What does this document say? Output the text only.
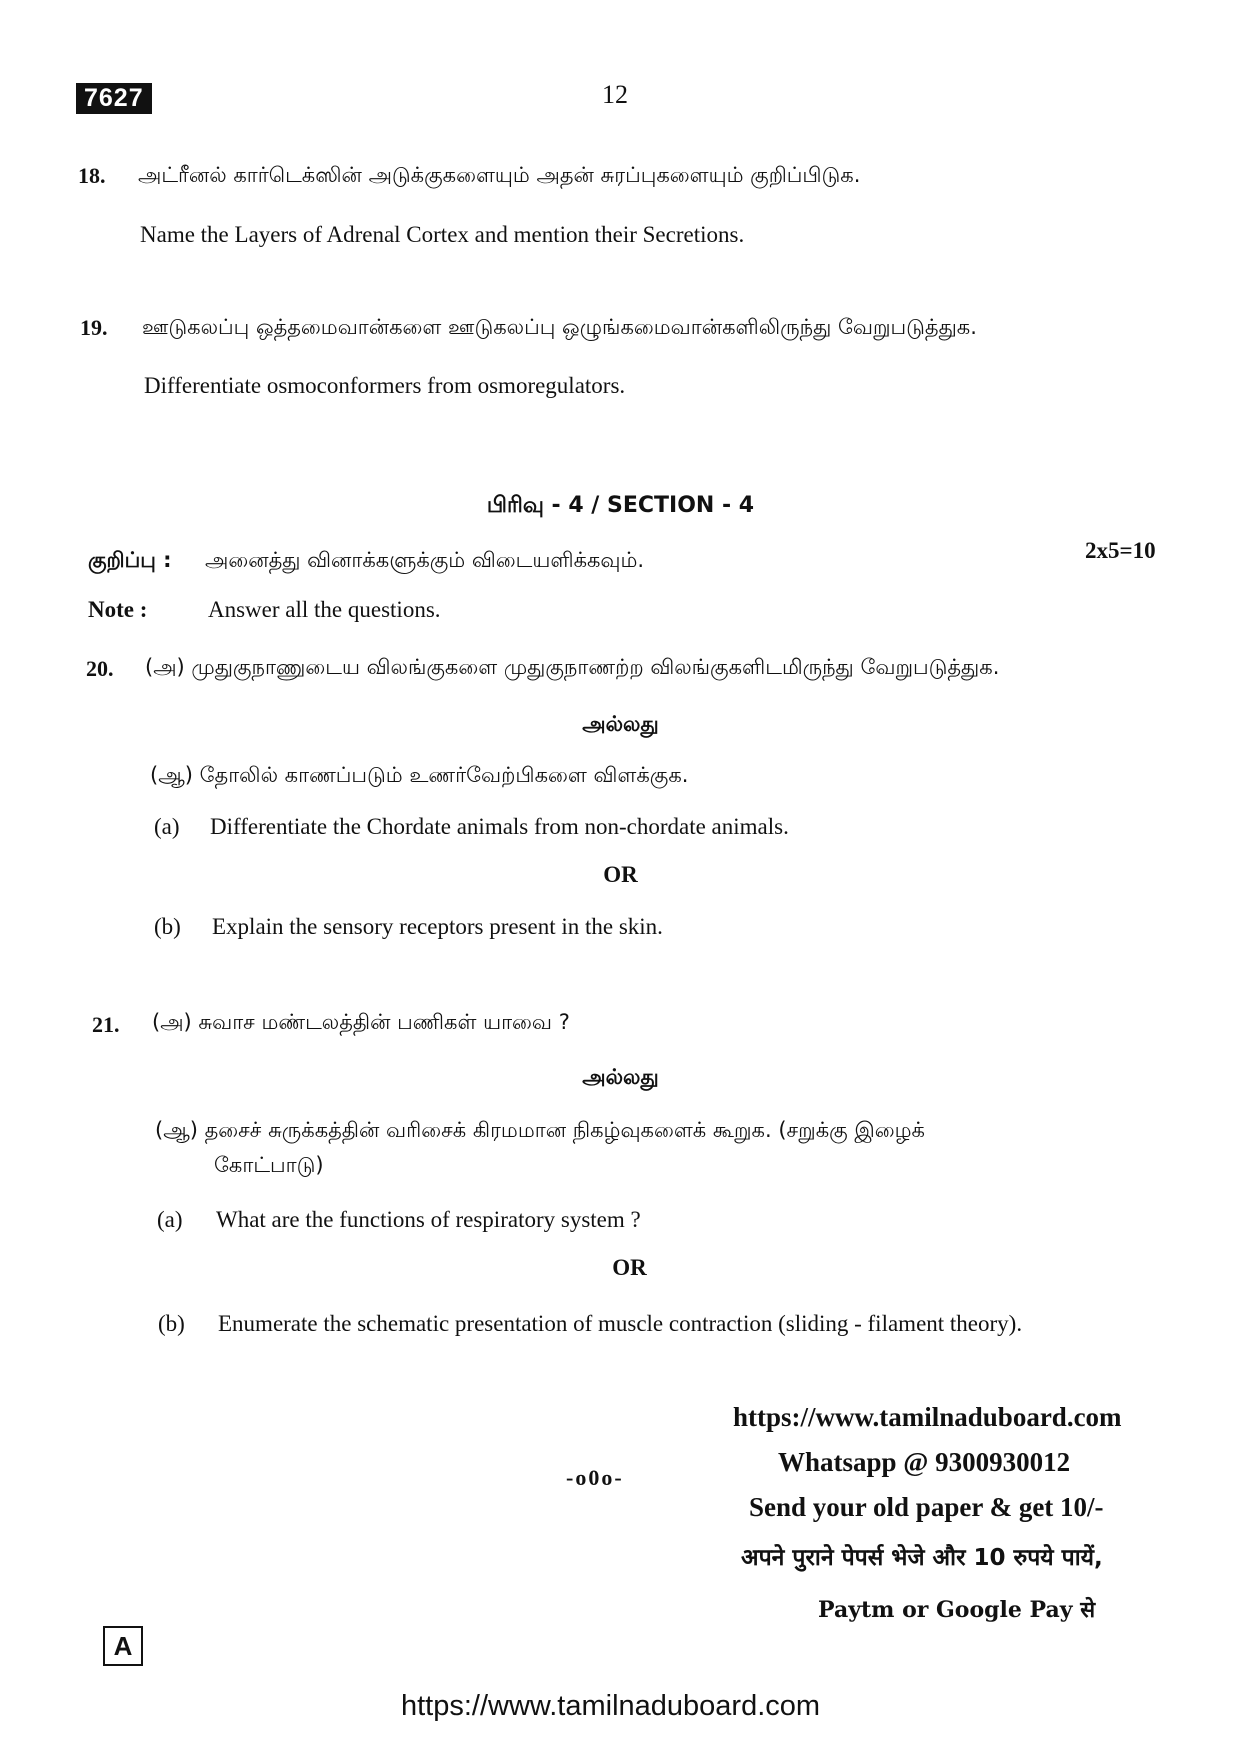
7627	12
18. அட்ரீனல் கார்டெக்ஸின் அடுக்குகளையும் அதன் சுரப்புகளையும் குறிப்பிடுக.
Name the Layers of Adrenal Cortex and mention their Secretions.
19. ஊடுகலப்பு ஒத்தமைவான்களை ஊடுகலப்பு ஒழுங்கமைவான்களிலிருந்து வேறுபடுத்துக.
Differentiate osmoconformers from osmoregulators.
பிரிவு - 4 / SECTION - 4
குறிப்பு : அனைத்து வினாக்களுக்கும் விடையளிக்கவும்.	2x5=10
Note :	Answer all the questions.
20. (அ) முதுகுநாணுடைய விலங்குகளை முதுகுநாணற்ற விலங்குகளிடமிருந்து வேறுபடுத்துக.
அல்லது
(ஆ) தோலில் காணப்படும் உணர்வேற்பிகளை விளக்குக.
(a) Differentiate the Chordate animals from non-chordate animals.
OR
(b) Explain the sensory receptors present in the skin.
21. (அ) சுவாச மண்டலத்தின் பணிகள் யாவை ?
அல்லது
(ஆ) தசைச் சுருக்கத்தின் வரிசைக் கிரமமான நிகழ்வுகளைக் கூறுக. (சறுக்கு இழைக்
கோட்பாடு)
(a) What are the functions of respiratory system ?
OR
(b) Enumerate the schematic presentation of muscle contraction (sliding - filament theory).
-o0o-
https://www.tamilnaduboard.com
Whatsapp @ 9300930012
Send your old paper & get 10/-
अपने पुराने पेपर्स भेजे और 10 रुपये पायें,
Paytm or Google Pay से
A
https://www.tamilnaduboard.com
